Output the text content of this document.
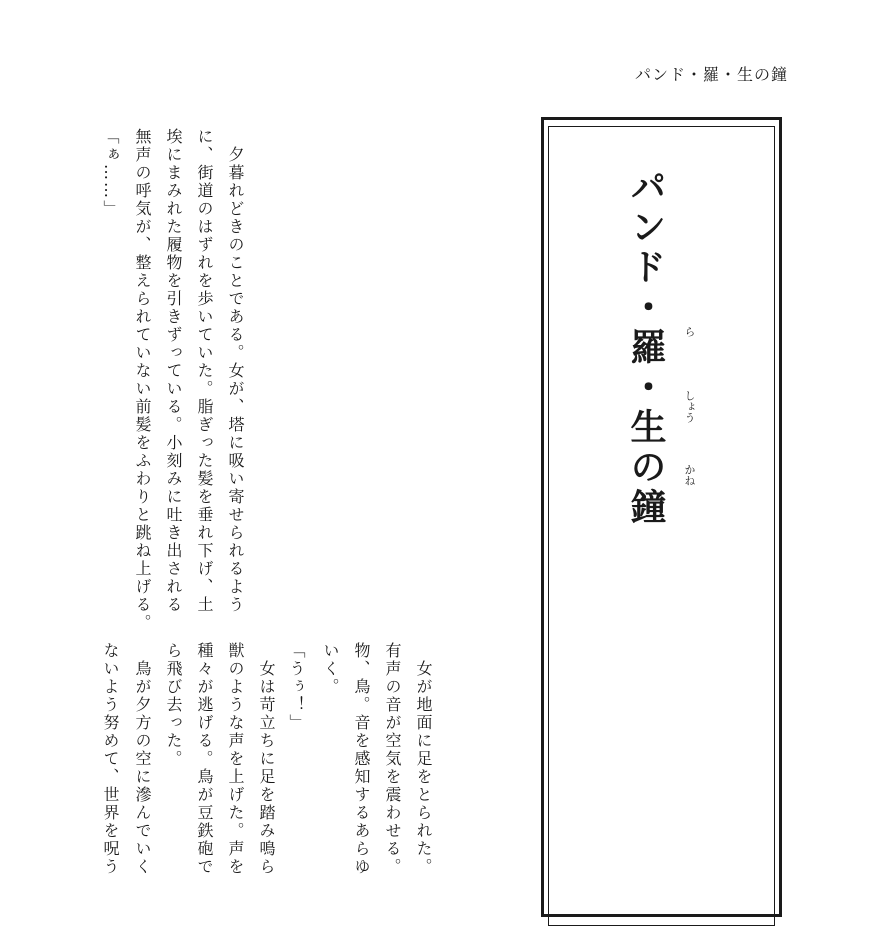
パンド・羅・生の鐘
パンド・羅・生の鐘 ら
しょう
かね
　夕暮れどきのことである。女が、塔に吸い寄せられるよう
に、街道のはずれを歩いていた。脂ぎった髪を垂れ下げ、土
埃にまみれた履物を引きずっている。小刻みに吐き出される
無声の呼気が、整えられていない前髪をふわりと跳ね上げる。
「ぁ……」
　女が地面に足をとられた。
有声の音が空気を震わせる。
物、鳥。音を感知するあらゆ
いく。
「うぅ！」
　女は苛立ちに足を踏み鳴ら
獣のような声を上げた。声を
種々が逃げる。鳥が豆鉄砲で
ら飛び去った。
　鳥が夕方の空に滲んでいく
ないよう努めて、世界を呪う
